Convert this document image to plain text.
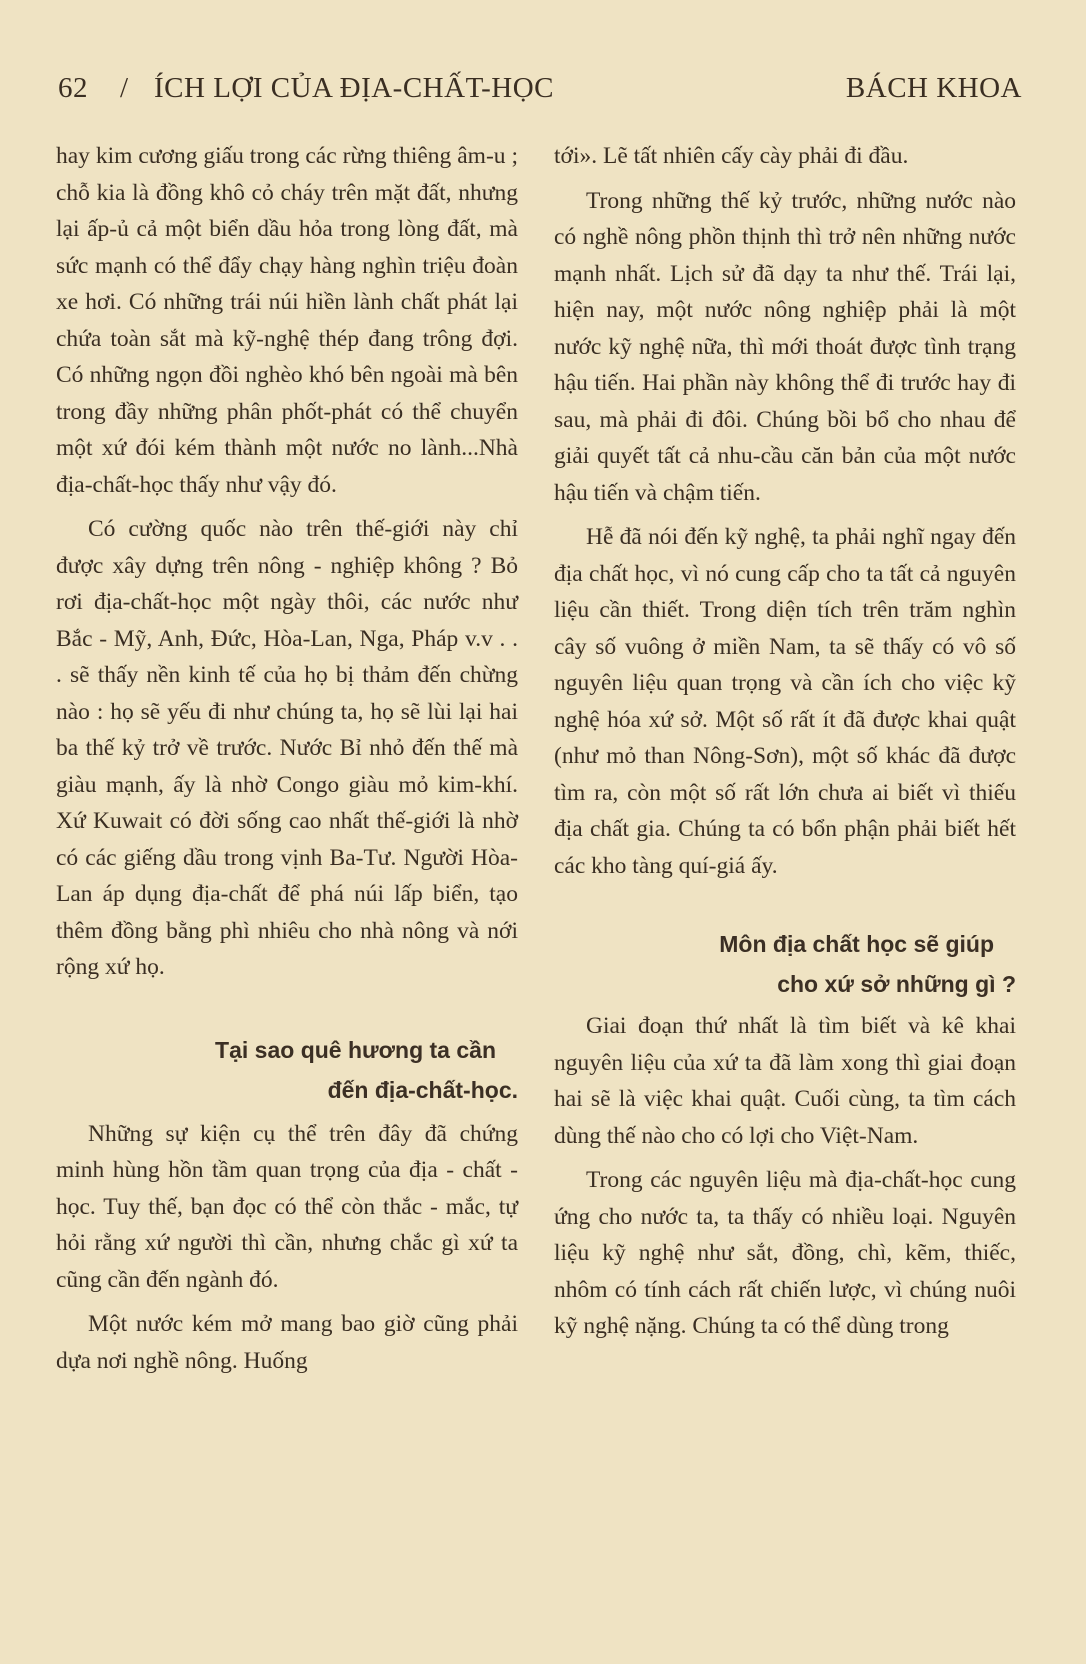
62 / ÍCH LỢI CỦA ĐỊA-CHẤT-HỌC	BÁCH KHOA

hay kim cương giấu trong các rừng thiêng âm-u ; chỗ kia là đồng khô cỏ cháy trên mặt đất, nhưng lại ấp-ủ cả một biển dầu hỏa trong lòng đất, mà sức mạnh có thể đẩy chạy hàng nghìn triệu đoàn xe hơi. Có những trái núi hiền lành chất phát lại chứa toàn sắt mà kỹ-nghệ thép đang trông đợi. Có những ngọn đồi nghèo khó bên ngoài mà bên trong đầy những phân phốt-phát có thể chuyển một xứ đói kém thành một nước no lành...Nhà địa-chất-học thấy như vậy đó.

Có cường quốc nào trên thế-giới này chỉ được xây dựng trên nông - nghiệp không ? Bỏ rơi địa-chất-học một ngày thôi, các nước như Bắc - Mỹ, Anh, Đức, Hòa-Lan, Nga, Pháp v.v . . . sẽ thấy nền kinh tế của họ bị thảm đến chừng nào : họ sẽ yếu đi như chúng ta, họ sẽ lùi lại hai ba thế kỷ trở về trước. Nước Bỉ nhỏ đến thế mà giàu mạnh, ấy là nhờ Congo giàu mỏ kim-khí. Xứ Kuwait có đời sống cao nhất thế-giới là nhờ có các giếng dầu trong vịnh Ba-Tư. Người Hòa-Lan áp dụng địa-chất để phá núi lấp biển, tạo thêm đồng bằng phì nhiêu cho nhà nông và nới rộng xứ họ.

Tại sao quê hương ta cần
đến địa-chất-học.

Những sự kiện cụ thể trên đây đã chứng minh hùng hồn tầm quan trọng của địa - chất - học. Tuy thế, bạn đọc có thể còn thắc - mắc, tự hỏi rằng xứ người thì cần, nhưng chắc gì xứ ta cũng cần đến ngành đó.

Một nước kém mở mang bao giờ cũng phải dựa nơi nghề nông. Huống

tới». Lẽ tất nhiên cấy cày phải đi đầu.

Trong những thế kỷ trước, những nước nào có nghề nông phồn thịnh thì trở nên những nước mạnh nhất. Lịch sử đã dạy ta như thế. Trái lại, hiện nay, một nước nông nghiệp phải là một nước kỹ nghệ nữa, thì mới thoát được tình trạng hậu tiến. Hai phần này không thể đi trước hay đi sau, mà phải đi đôi. Chúng bồi bổ cho nhau để giải quyết tất cả nhu-cầu căn bản của một nước hậu tiến và chậm tiến.

Hễ đã nói đến kỹ nghệ, ta phải nghĩ ngay đến địa chất học, vì nó cung cấp cho ta tất cả nguyên liệu cần thiết. Trong diện tích trên trăm nghìn cây số vuông ở miền Nam, ta sẽ thấy có vô số nguyên liệu quan trọng và cần ích cho việc kỹ nghệ hóa xứ sở. Một số rất ít đã được khai quật (như mỏ than Nông-Sơn), một số khác đã được tìm ra, còn một số rất lớn chưa ai biết vì thiếu địa chất gia. Chúng ta có bổn phận phải biết hết các kho tàng quí-giá ấy.

Môn địa chất học sẽ giúp
cho xứ sở những gì ?

Giai đoạn thứ nhất là tìm biết và kê khai nguyên liệu của xứ ta đã làm xong thì giai đoạn hai sẽ là việc khai quật. Cuối cùng, ta tìm cách dùng thế nào cho có lợi cho Việt-Nam.

Trong các nguyên liệu mà địa-chất-học cung ứng cho nước ta, ta thấy có nhiều loại. Nguyên liệu kỹ nghệ như sắt, đồng, chì, kẽm, thiếc, nhôm có tính cách rất chiến lược, vì chúng nuôi kỹ nghệ nặng. Chúng ta có thể dùng trong
